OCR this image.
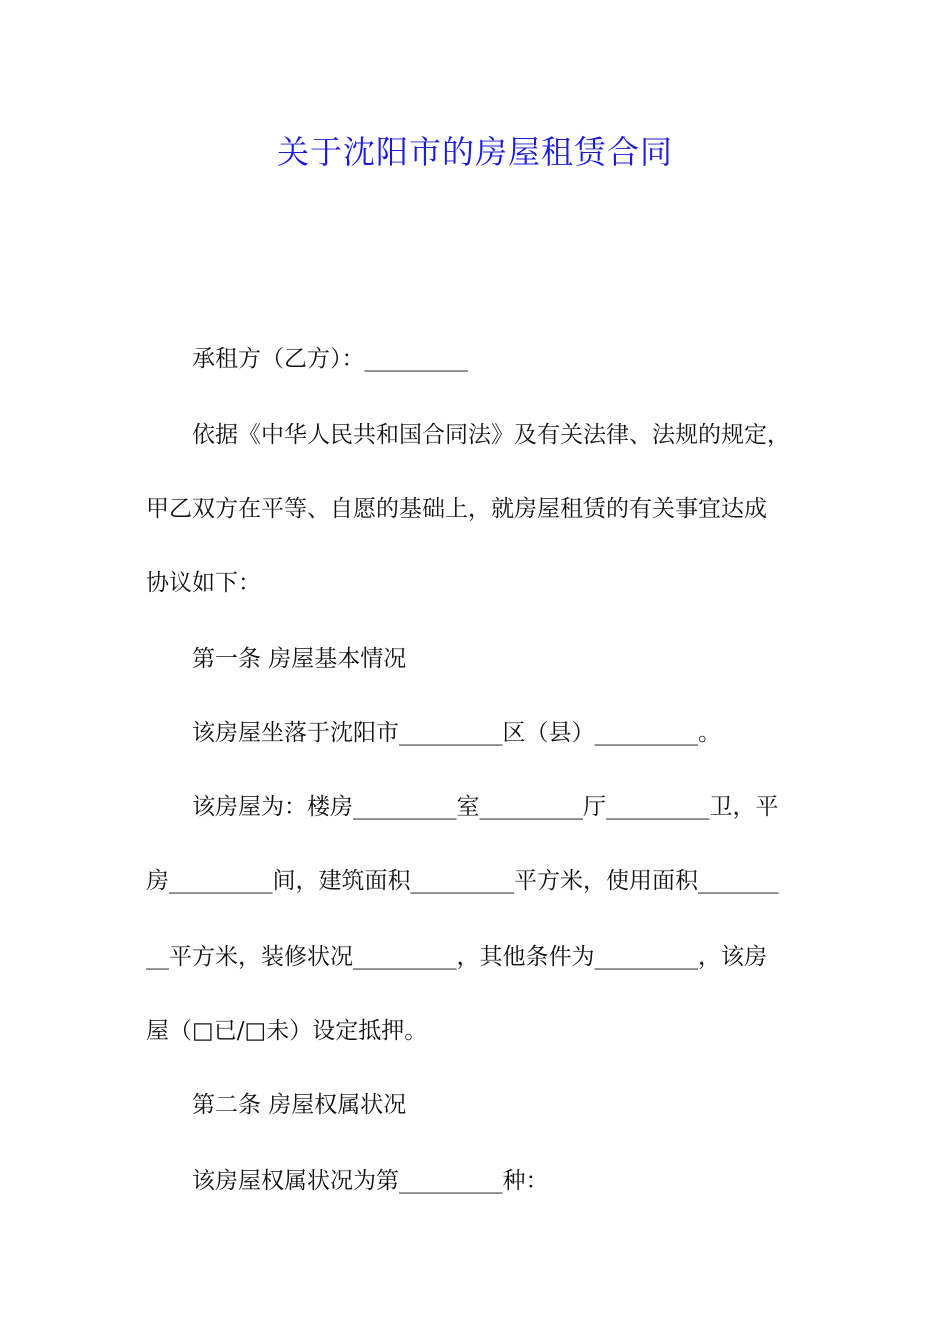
关于沈阳市的房屋租赁合同
承租方（乙方）：_________
依据《中华人民共和国合同法》及有关法律、法规的规定，
甲乙双方在平等、自愿的基础上，就房屋租赁的有关事宜达成
协议如下：
第一条 房屋基本情况
该房屋坐落于沈阳市_________区（县）_________。
该房屋为：楼房_________室_________厅_________卫，平
房_________间，建筑面积_________平方米，使用面积_______
__平方米，装修状况_________，其他条件为_________，该房
屋（□已/□未）设定抵押。
第二条 房屋权属状况
该房屋权属状况为第_________种：
